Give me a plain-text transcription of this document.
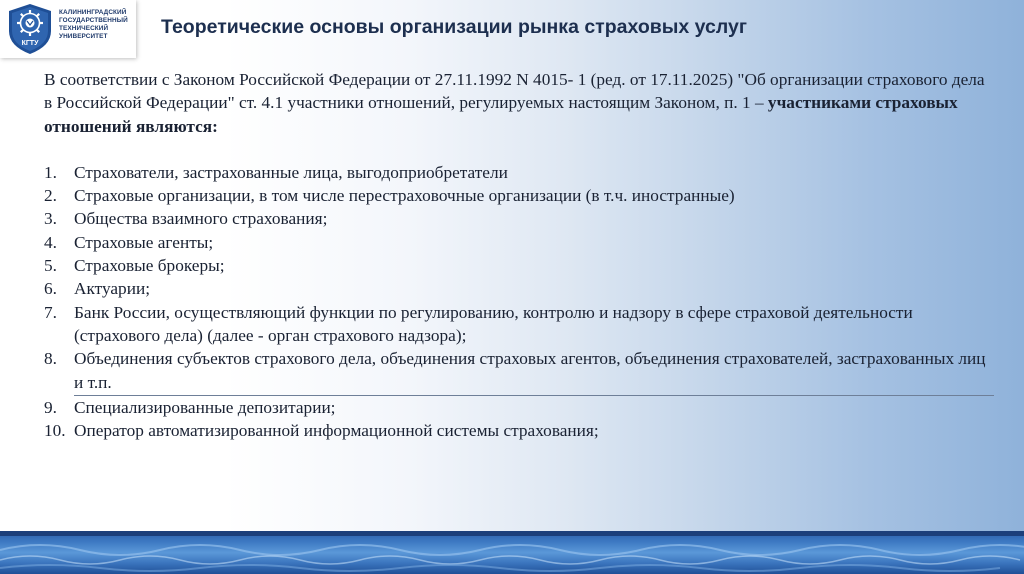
КГТУ
КАЛИНИНГРАДСКИЙ
ГОСУДАРСТВЕННЫЙ
ТЕХНИЧЕСКИЙ
УНИВЕРСИТЕТ	Теоретические основы организации рынка страховых услуг

В соответствии с Законом Российской Федерации от 27.11.1992 N 4015- 1 (ред. от 17.11.2025) "Об организации страхового дела в Российской Федерации" ст. 4.1 участники отношений, регулируемых настоящим Законом, п. 1 – участниками страховых отношений являются:

1. Страхователи, застрахованные лица, выгодоприобретатели
2. Страховые организации, в том числе перестраховочные организации (в т.ч. иностранные)
3. Общества взаимного страхования;
4. Страховые агенты;
5. Страховые брокеры;
6. Актуарии;
7. Банк России, осуществляющий функции по регулированию, контролю и надзору в сфере страховой деятельности (страхового дела) (далее - орган страхового надзора);
8. Объединения субъектов страхового дела, объединения страховых агентов, объединения страхователей, застрахованных лиц и т.п.
9. Специализированные депозитарии;
10. Оператор автоматизированной информационной системы страхования;
